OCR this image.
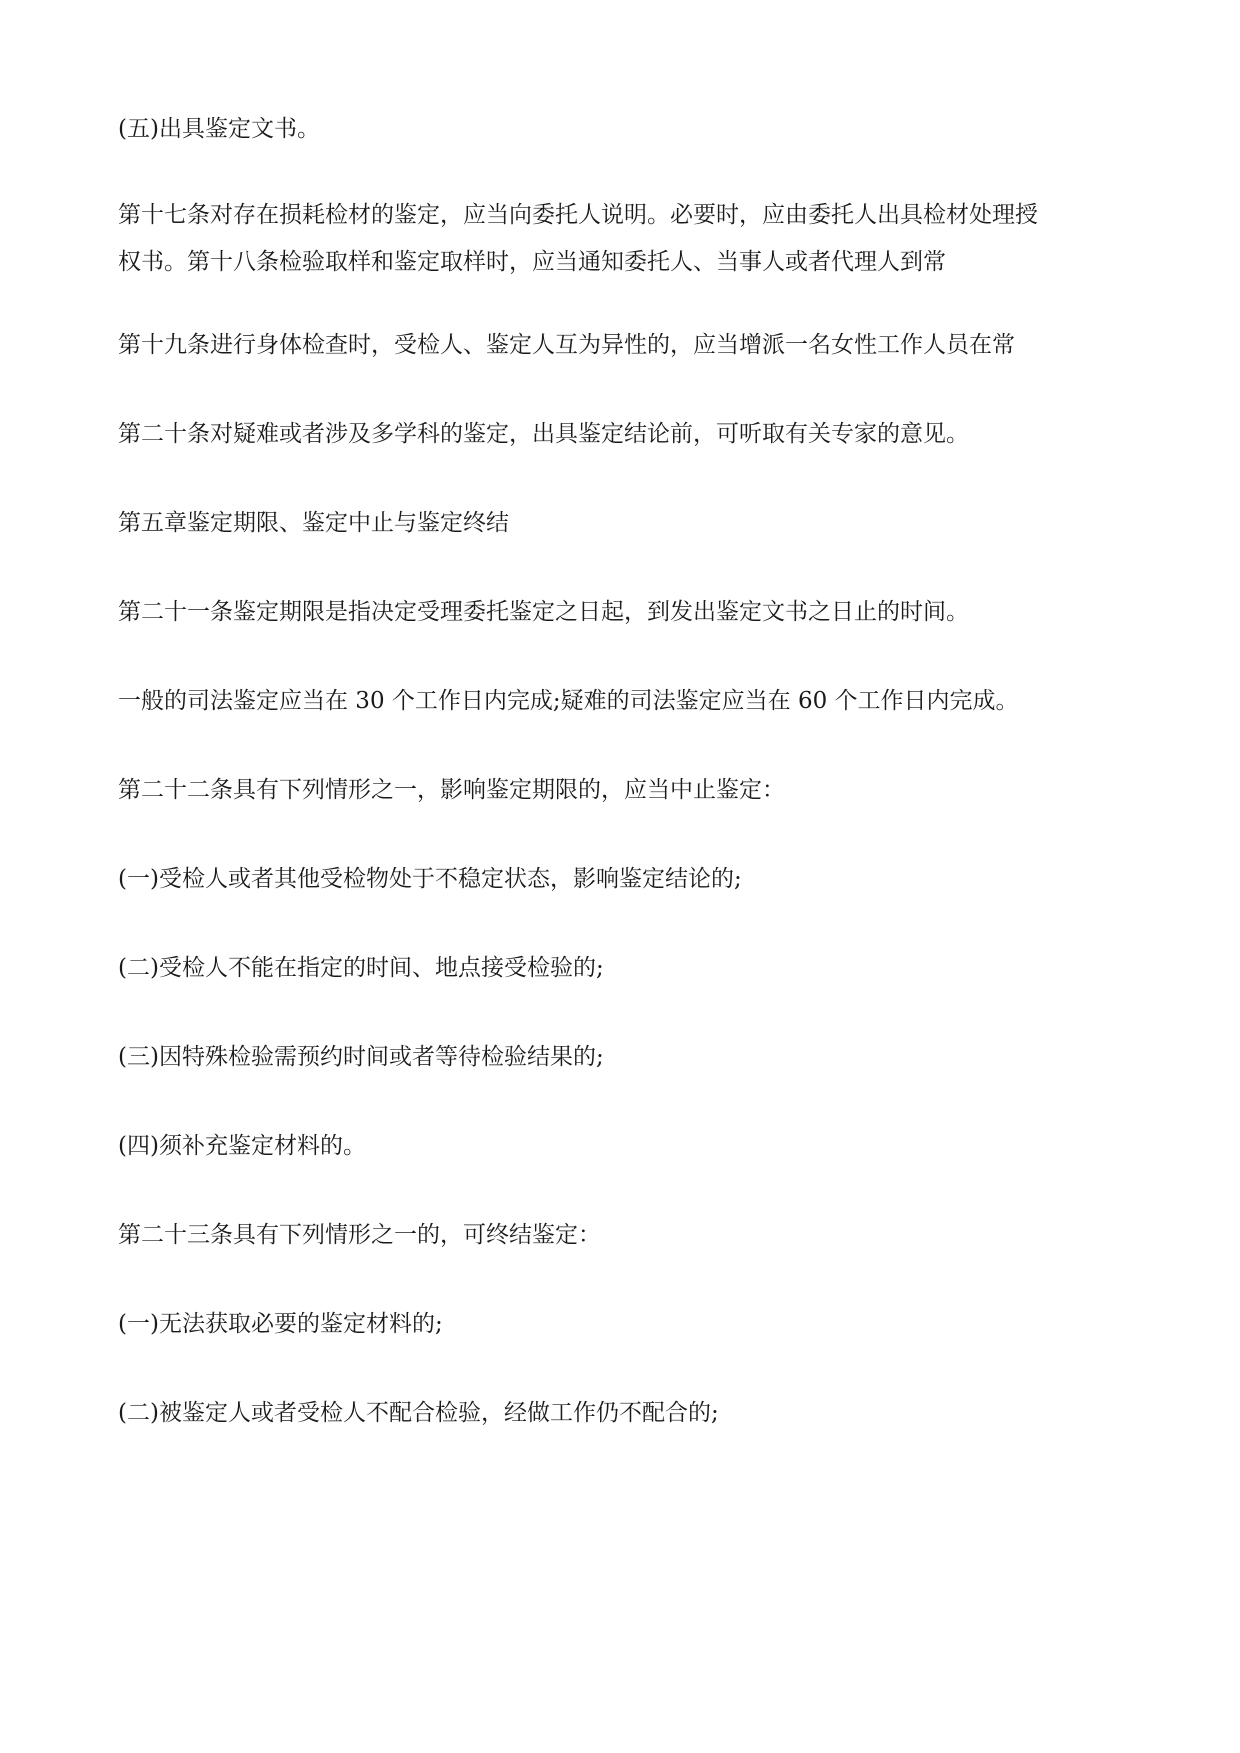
(五)出具鉴定文书。

第十七条对存在损耗检材的鉴定，应当向委托人说明。必要时，应由委托人出具检材处理授

权书。第十八条检验取样和鉴定取样时，应当通知委托人、当事人或者代理人到常

第十九条进行身体检查时，受检人、鉴定人互为异性的，应当增派一名女性工作人员在常

第二十条对疑难或者涉及多学科的鉴定，出具鉴定结论前，可听取有关专家的意见。

第五章鉴定期限、鉴定中止与鉴定终结

第二十一条鉴定期限是指决定受理委托鉴定之日起，到发出鉴定文书之日止的时间。

一般的司法鉴定应当在 30 个工作日内完成;疑难的司法鉴定应当在 60 个工作日内完成。

第二十二条具有下列情形之一，影响鉴定期限的，应当中止鉴定：

(一)受检人或者其他受检物处于不稳定状态，影响鉴定结论的;

(二)受检人不能在指定的时间、地点接受检验的;

(三)因特殊检验需预约时间或者等待检验结果的;

(四)须补充鉴定材料的。

第二十三条具有下列情形之一的，可终结鉴定：

(一)无法获取必要的鉴定材料的;

(二)被鉴定人或者受检人不配合检验，经做工作仍不配合的;
